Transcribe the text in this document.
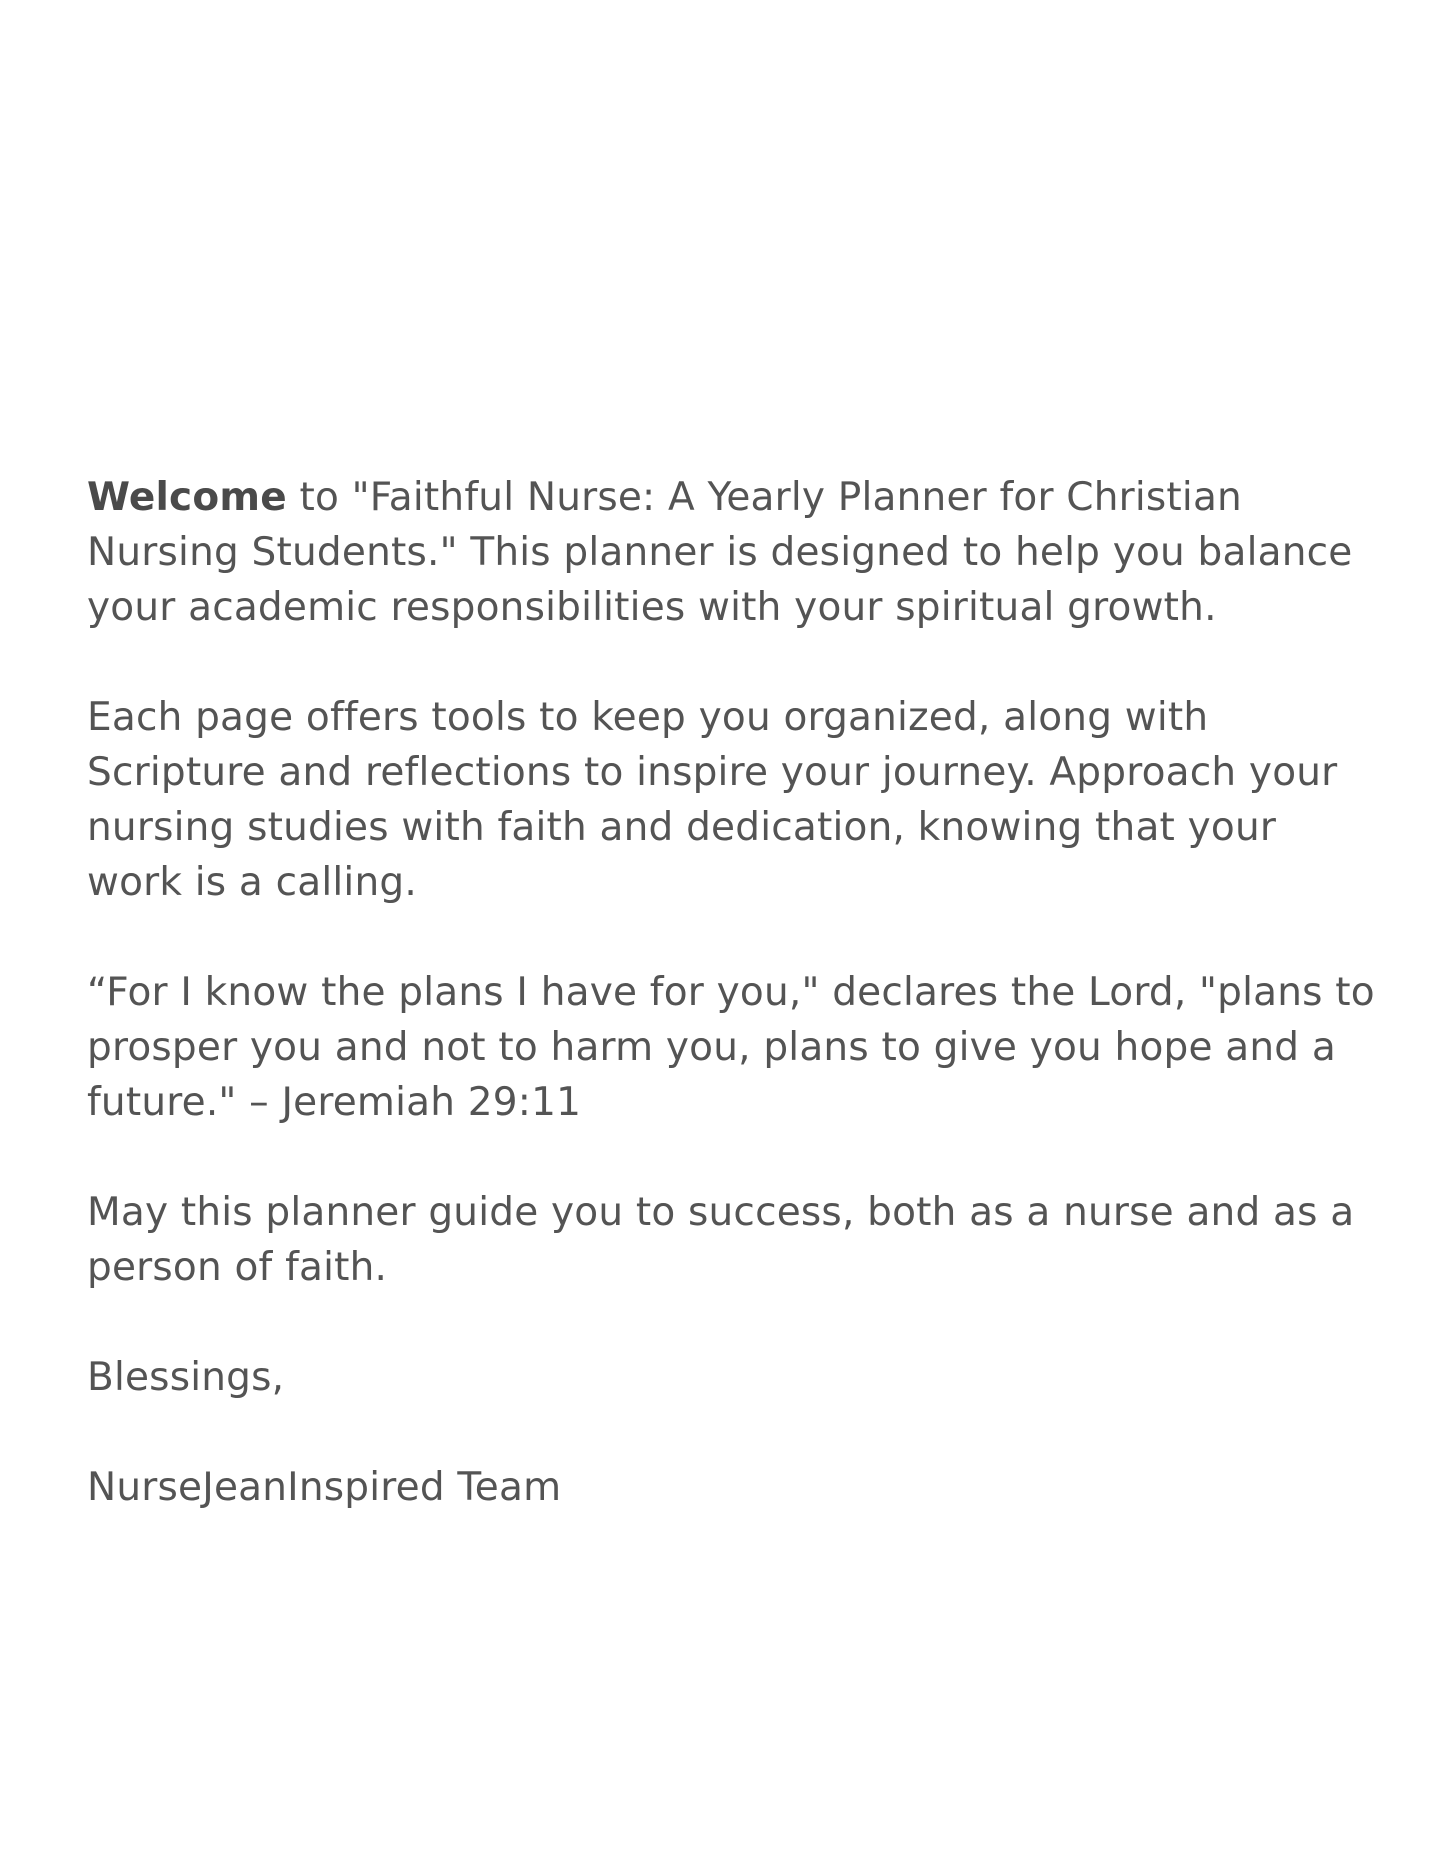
Welcome to "Faithful Nurse: A Yearly Planner for Christian
Nursing Students." This planner is designed to help you balance
your academic responsibilities with your spiritual growth.

Each page offers tools to keep you organized, along with
Scripture and reflections to inspire your journey. Approach your
nursing studies with faith and dedication, knowing that your
work is a calling.

“For I know the plans I have for you," declares the Lord, "plans to
prosper you and not to harm you, plans to give you hope and a
future." – Jeremiah 29:11

May this planner guide you to success, both as a nurse and as a
person of faith.

Blessings,

NurseJeanInspired Team
